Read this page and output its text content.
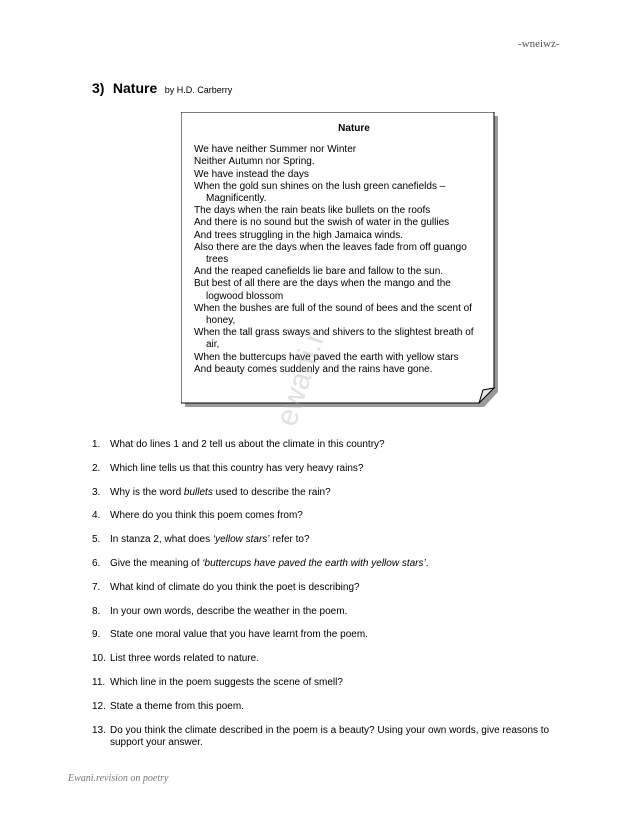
-wneiwz-
3) Nature by H.D. Carberry
Nature
We have neither Summer nor Winter
Neither Autumn nor Spring.
We have instead the days
When the gold sun shines on the lush green canefields –Magnificently.
The days when the rain beats like bullets on the roofs
And there is no sound but the swish of water in the gullies
And trees struggling in the high Jamaica winds.
Also there are the days when the leaves fade from off guango trees
And the reaped canefields lie bare and fallow to the sun.
But best of all there are the days when the mango and the logwood blossom
When the bushes are full of the sound of bees and the scent of honey,
When the tall grass sways and shivers to the slightest breath of air,
When the buttercups have paved the earth with yellow stars
And beauty comes suddenly and the rains have gone.
ewani.r
1. What do lines 1 and 2 tell us about the climate in this country?
2. Which line tells us that this country has very heavy rains?
3. Why is the word bullets used to describe the rain?
4. Where do you think this poem comes from?
5. In stanza 2, what does ‘yellow stars’ refer to?
6. Give the meaning of ‘buttercups have paved the earth with yellow stars’.
7. What kind of climate do you think the poet is describing?
8. In your own words, describe the weather in the poem.
9. State one moral value that you have learnt from the poem.
10. List three words related to nature.
11. Which line in the poem suggests the scene of smell?
12. State a theme from this poem.
13. Do you think the climate described in the poem is a beauty? Using your own words, give reasons to support your answer.
Ewani.revision on poetry
